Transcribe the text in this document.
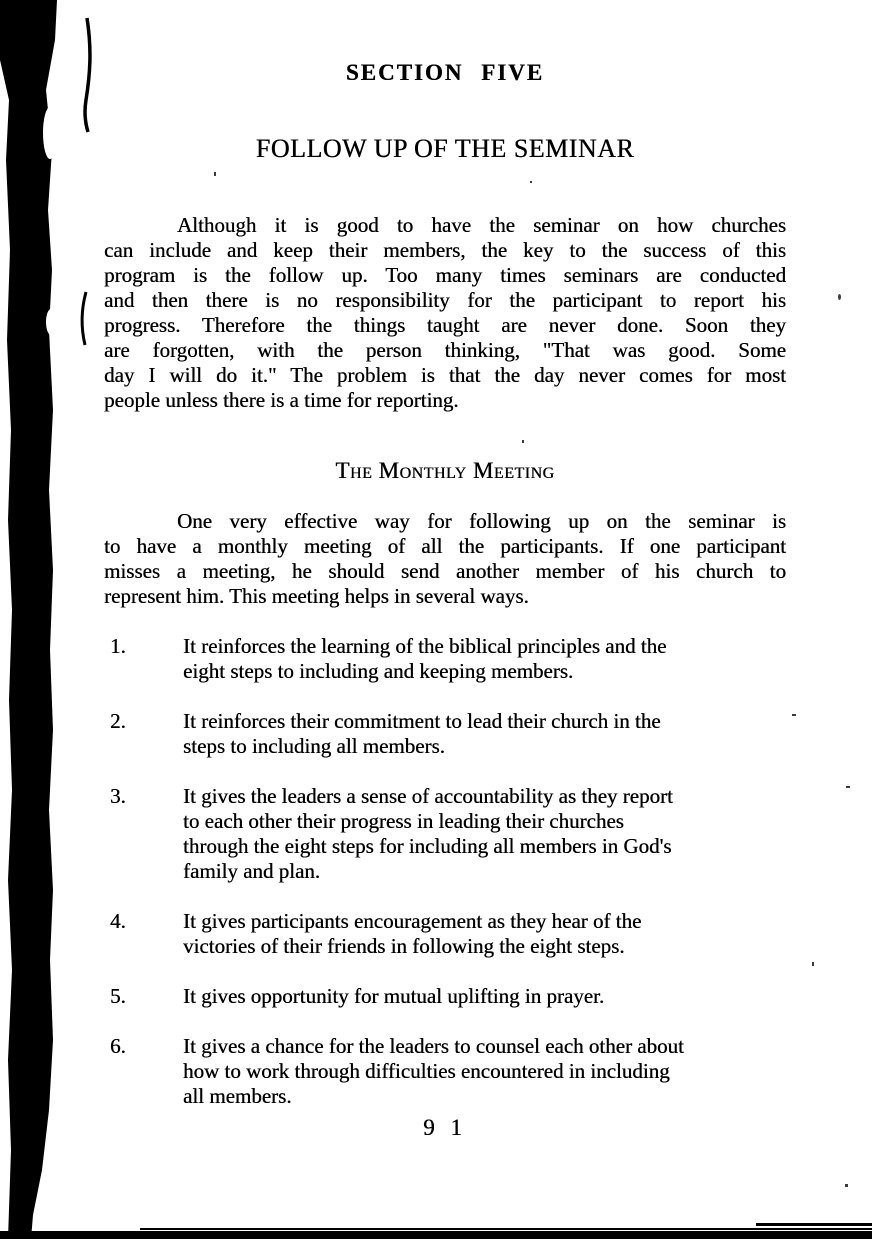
SECTION FIVE
FOLLOW UP OF THE SEMINAR
Although it is good to have the seminar on how churches
can include and keep their members, the key to the success of this
program is the follow up. Too many times seminars are conducted
and then there is no responsibility for the participant to report his
progress. Therefore the things taught are never done. Soon they
are forgotten, with the person thinking, "That was good. Some
day I will do it." The problem is that the day never comes for most
people unless there is a time for reporting.
The Monthly Meeting
One very effective way for following up on the seminar is
to have a monthly meeting of all the participants. If one participant
misses a meeting, he should send another member of his church to
represent him. This meeting helps in several ways.
1.	It reinforces the learning of the biblical principles and the
eight steps to including and keeping members.
2.	It reinforces their commitment to lead their church in the
steps to including all members.
3.	It gives the leaders a sense of accountability as they report
to each other their progress in leading their churches
through the eight steps for including all members in God's
family and plan.
4.	It gives participants encouragement as they hear of the
victories of their friends in following the eight steps.
5.	It gives opportunity for mutual uplifting in prayer.
6.	It gives a chance for the leaders to counsel each other about
how to work through difficulties encountered in including
all members.
9 1
